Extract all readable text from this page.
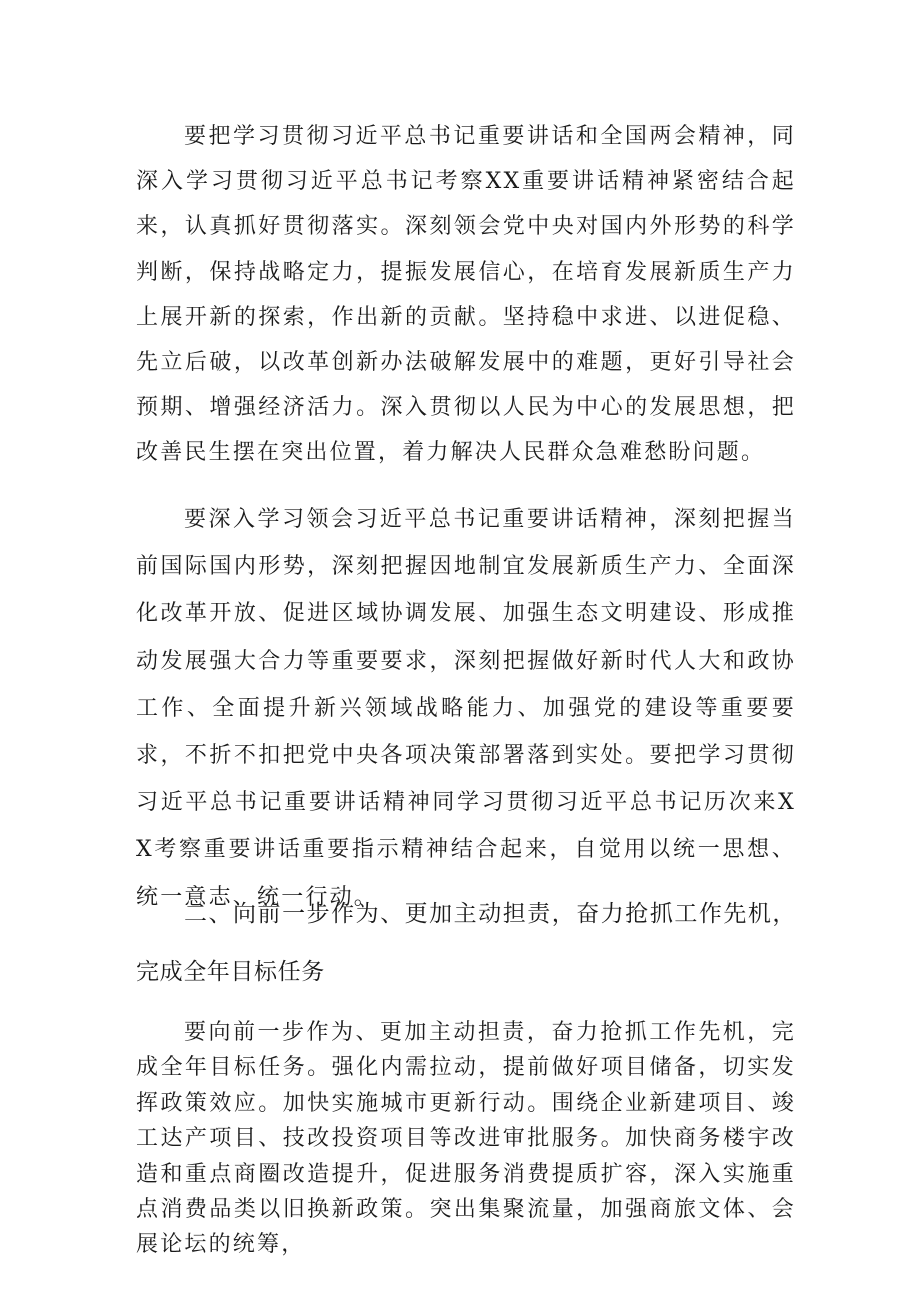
要把学习贯彻习近平总书记重要讲话和全国两会精神，同深入学习贯彻习近平总书记考察XX重要讲话精神紧密结合起来，认真抓好贯彻落实。深刻领会党中央对国内外形势的科学判断，保持战略定力，提振发展信心，在培育发展新质生产力上展开新的探索，作出新的贡献。坚持稳中求进、以进促稳、先立后破，以改革创新办法破解发展中的难题，更好引导社会预期、增强经济活力。深入贯彻以人民为中心的发展思想，把改善民生摆在突出位置，着力解决人民群众急难愁盼问题。

要深入学习领会习近平总书记重要讲话精神，深刻把握当前国际国内形势，深刻把握因地制宜发展新质生产力、全面深化改革开放、促进区域协调发展、加强生态文明建设、形成推动发展强大合力等重要要求，深刻把握做好新时代人大和政协工作、全面提升新兴领域战略能力、加强党的建设等重要要求，不折不扣把党中央各项决策部署落到实处。要把学习贯彻习近平总书记重要讲话精神同学习贯彻习近平总书记历次来XX考察重要讲话重要指示精神结合起来，自觉用以统一思想、统一意志、统一行动。

二、向前一步作为、更加主动担责，奋力抢抓工作先机，完成全年目标任务

要向前一步作为、更加主动担责，奋力抢抓工作先机，完成全年目标任务。强化内需拉动，提前做好项目储备，切实发挥政策效应。加快实施城市更新行动。围绕企业新建项目、竣工达产项目、技改投资项目等改进审批服务。加快商务楼宇改造和重点商圈改造提升，促进服务消费提质扩容，深入实施重点消费品类以旧换新政策。突出集聚流量，加强商旅文体、会展论坛的统筹，
